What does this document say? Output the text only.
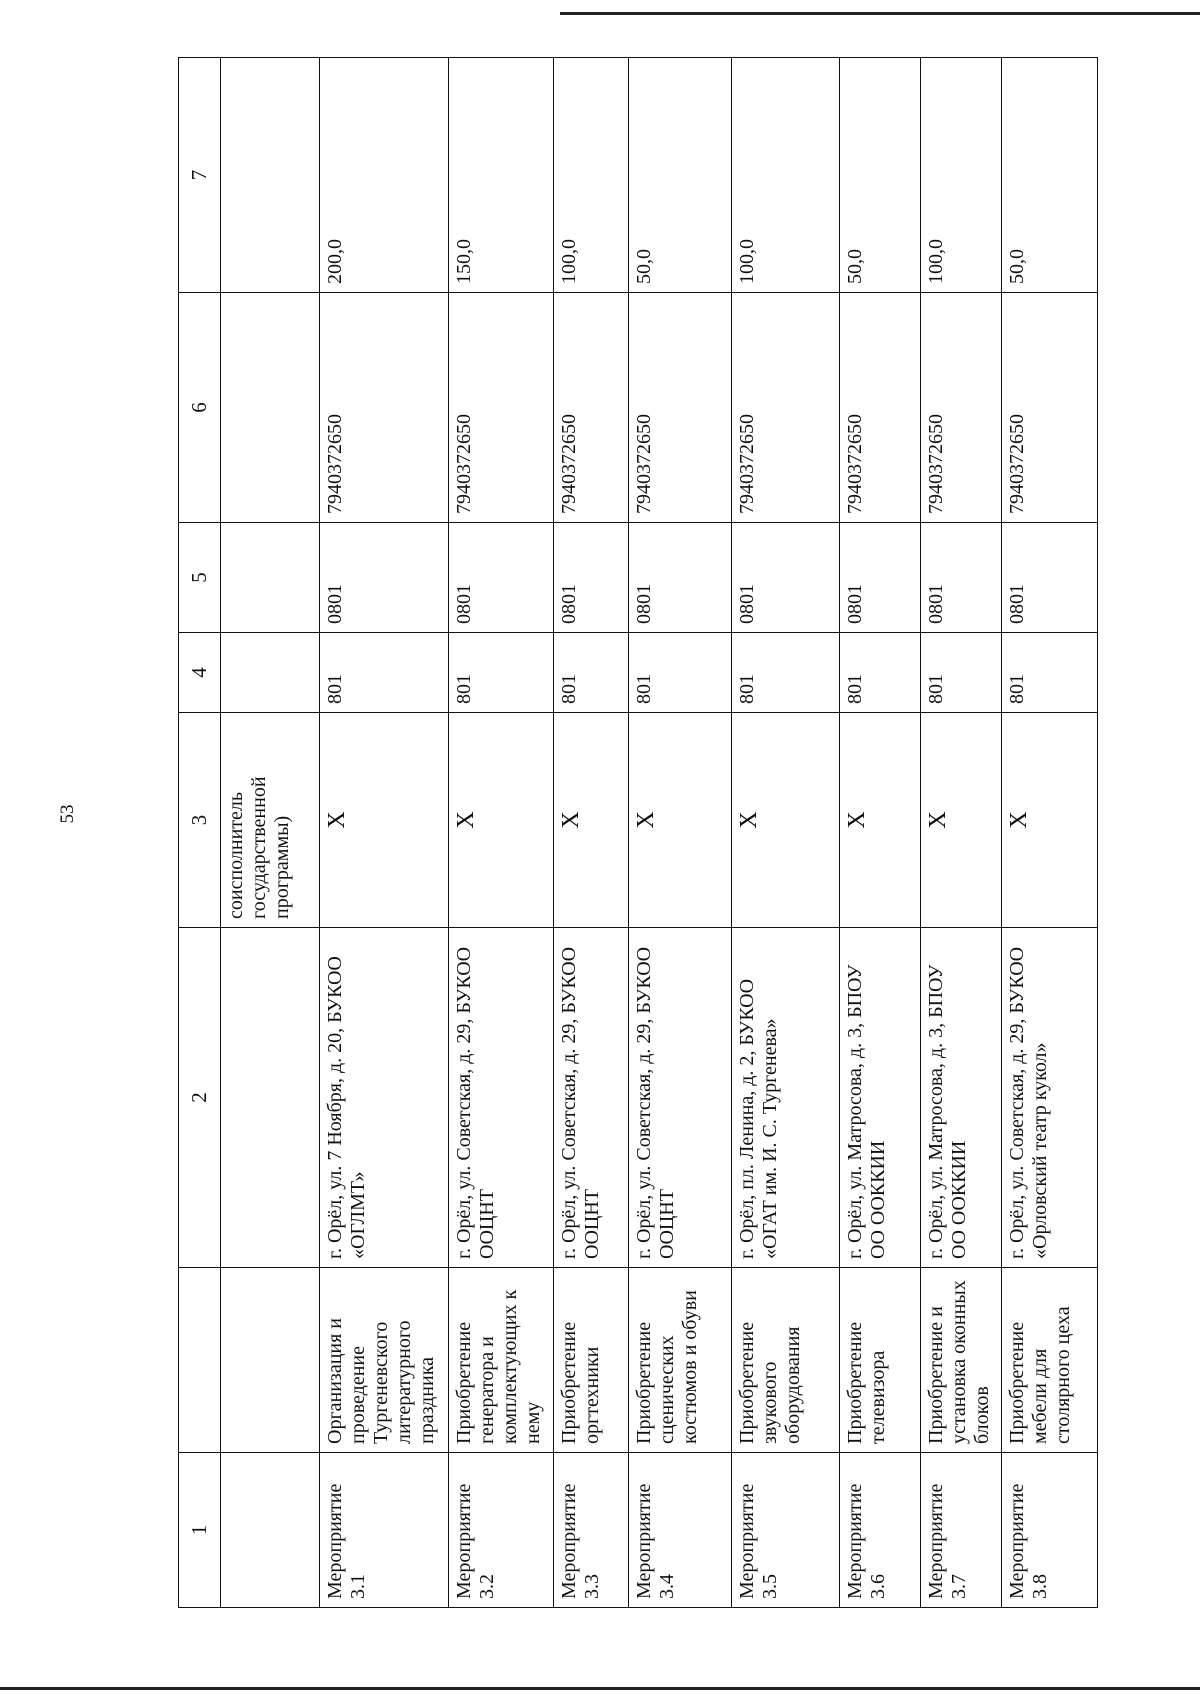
53
1		2	3	4	5	6	7
			соисполнитель государственной программы)				
Мероприятие 3.1	Организация и проведение Тургеневского литературного праздника	г. Орёл, ул. 7 Ноября, д. 20, БУКОО «ОГЛМТ»	X	801	0801	7940372650	200,0
Мероприятие 3.2	Приобретение генератора и комплектующих к нему	г. Орёл, ул. Советская, д. 29, БУКОО ООЦНТ	X	801	0801	7940372650	150,0
Мероприятие 3.3	Приобретение оргтехники	г. Орёл, ул. Советская, д. 29, БУКОО ООЦНТ	X	801	0801	7940372650	100,0
Мероприятие 3.4	Приобретение сценических костюмов и обуви	г. Орёл, ул. Советская, д. 29, БУКОО ООЦНТ	X	801	0801	7940372650	50,0
Мероприятие 3.5	Приобретение звукового оборудования	г. Орёл, пл. Ленина, д. 2, БУКОО «ОГАТ им. И. С. Тургенева»	X	801	0801	7940372650	100,0
Мероприятие 3.6	Приобретение телевизора	г. Орёл, ул. Матросова, д. 3, БПОУ ОО ООККИИ	X	801	0801	7940372650	50,0
Мероприятие 3.7	Приобретение и установка оконных блоков	г. Орёл, ул. Матросова, д. 3, БПОУ ОО ООККИИ	X	801	0801	7940372650	100,0
Мероприятие 3.8	Приобретение мебели для столярного цеха	г. Орёл, ул. Советская, д. 29, БУКОО «Орловский театр кукол»	X	801	0801	7940372650	50,0
